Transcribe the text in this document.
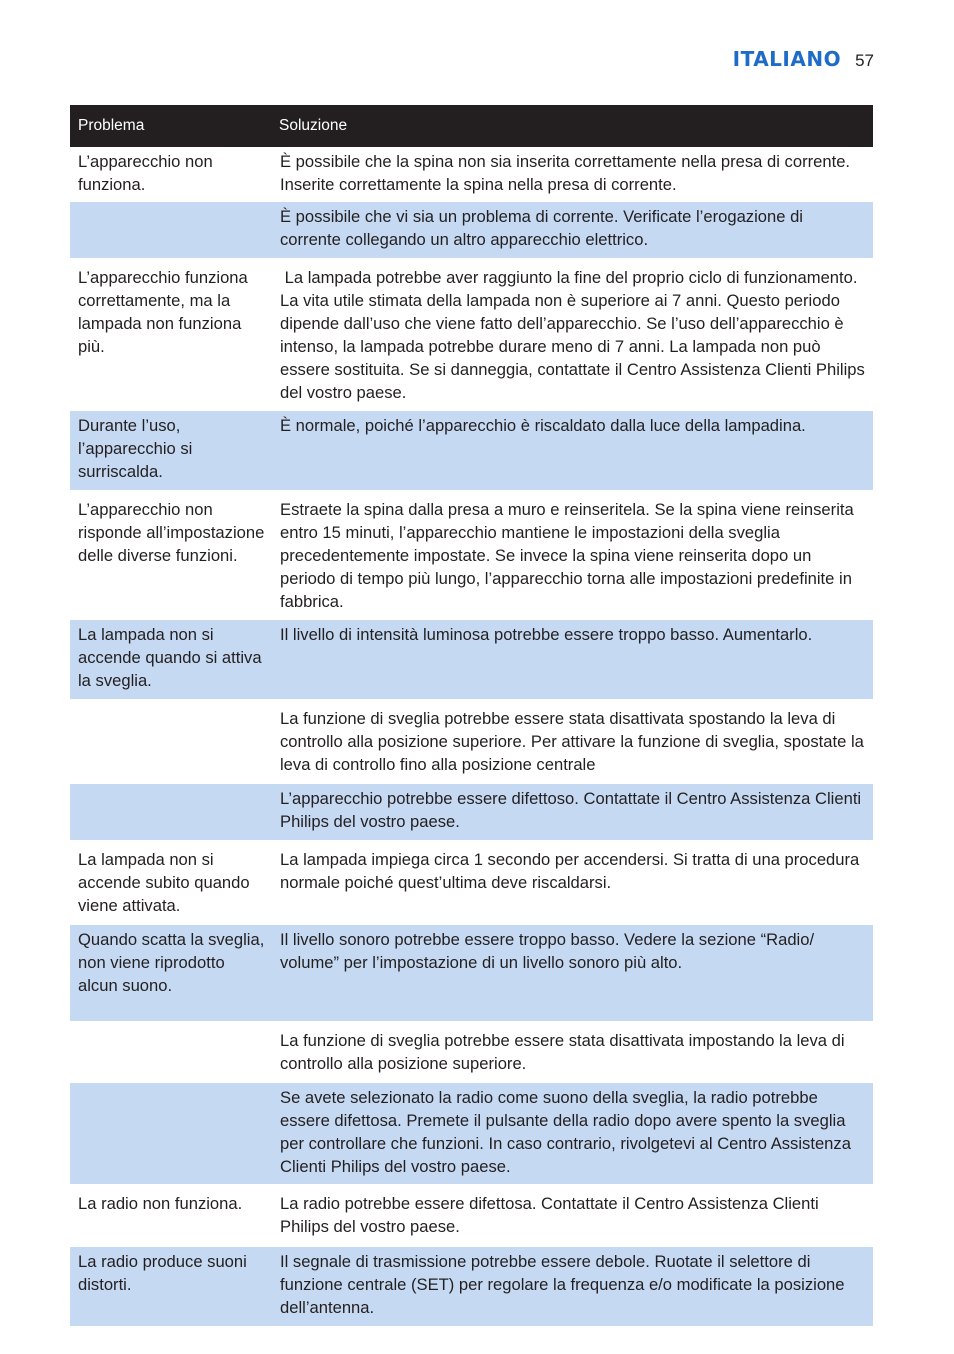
ITALIANO 57
Problema	Soluzione
L’apparecchio non funziona.
È possibile che la spina non sia inserita correttamente nella presa di corrente. Inserite correttamente la spina nella presa di corrente.
È possibile che vi sia un problema di corrente. Verificate l’erogazione di corrente collegando un altro apparecchio elettrico.
L’apparecchio funziona correttamente, ma la lampada non funziona più.
La lampada potrebbe aver raggiunto la fine del proprio ciclo di funzionamento. La vita utile stimata della lampada non è superiore ai 7 anni. Questo periodo dipende dall’uso che viene fatto dell’apparecchio. Se l’uso dell’apparecchio è intenso, la lampada potrebbe durare meno di 7 anni. La lampada non può essere sostituita. Se si danneggia, contattate il Centro Assistenza Clienti Philips del vostro paese.
Durante l’uso, l’apparecchio si surriscalda.
È normale, poiché l’apparecchio è riscaldato dalla luce della lampadina.
L’apparecchio non risponde all’impostazione delle diverse funzioni.
Estraete la spina dalla presa a muro e reinseritela. Se la spina viene reinserita entro 15 minuti, l’apparecchio mantiene le impostazioni della sveglia precedentemente impostate. Se invece la spina viene reinserita dopo un periodo di tempo più lungo, l’apparecchio torna alle impostazioni predefinite in fabbrica.
La lampada non si accende quando si attiva la sveglia.
Il livello di intensità luminosa potrebbe essere troppo basso. Aumentarlo.
La funzione di sveglia potrebbe essere stata disattivata spostando la leva di controllo alla posizione superiore. Per attivare la funzione di sveglia, spostate la leva di controllo fino alla posizione centrale
L’apparecchio potrebbe essere difettoso. Contattate il Centro Assistenza Clienti Philips del vostro paese.
La lampada non si accende subito quando viene attivata.
La lampada impiega circa 1 secondo per accendersi. Si tratta di una procedura normale poiché quest’ultima deve riscaldarsi.
Quando scatta la sveglia, non viene riprodotto alcun suono.
Il livello sonoro potrebbe essere troppo basso. Vedere la sezione “Radio/ volume” per l’impostazione di un livello sonoro più alto.
La funzione di sveglia potrebbe essere stata disattivata impostando la leva di controllo alla posizione superiore.
Se avete selezionato la radio come suono della sveglia, la radio potrebbe essere difettosa. Premete il pulsante della radio dopo avere spento la sveglia per controllare che funzioni. In caso contrario, rivolgetevi al Centro Assistenza Clienti Philips del vostro paese.
La radio non funziona.	La radio potrebbe essere difettosa. Contattate il Centro Assistenza Clienti Philips del vostro paese.
La radio produce suoni distorti.
Il segnale di trasmissione potrebbe essere debole. Ruotate il selettore di funzione centrale (SET) per regolare la frequenza e/o modificate la posizione dell’antenna.
